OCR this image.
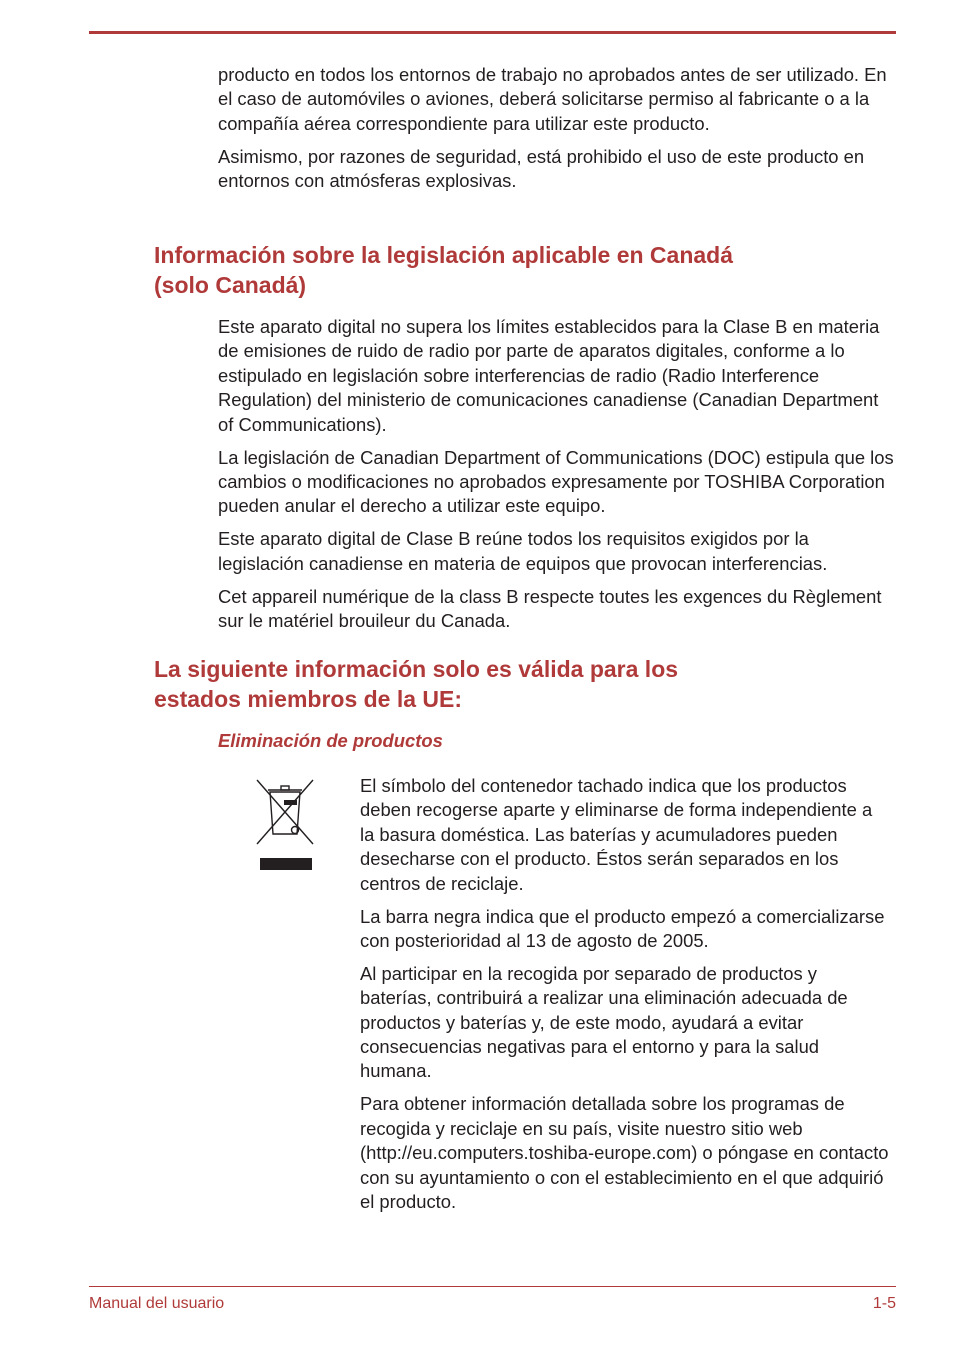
producto en todos los entornos de trabajo no aprobados antes de ser utilizado. En el caso de automóviles o aviones, deberá solicitarse permiso al fabricante o a la compañía aérea correspondiente para utilizar este producto.

Asimismo, por razones de seguridad, está prohibido el uso de este producto en entornos con atmósferas explosivas.

Información sobre la legislación aplicable en Canadá
(solo Canadá)

Este aparato digital no supera los límites establecidos para la Clase B en materia de emisiones de ruido de radio por parte de aparatos digitales, conforme a lo estipulado en legislación sobre interferencias de radio (Radio Interference Regulation) del ministerio de comunicaciones canadiense (Canadian Department of Communications).

La legislación de Canadian Department of Communications (DOC) estipula que los cambios o modificaciones no aprobados expresamente por TOSHIBA Corporation pueden anular el derecho a utilizar este equipo.

Este aparato digital de Clase B reúne todos los requisitos exigidos por la legislación canadiense en materia de equipos que provocan interferencias.

Cet appareil numérique de la class B respecte toutes les exgences du Règlement sur le matériel brouileur du Canada.

La siguiente información solo es válida para los
estados miembros de la UE:
Eliminación de productos

El símbolo del contenedor tachado indica que los productos deben recogerse aparte y eliminarse de forma independiente a la basura doméstica. Las baterías y acumuladores pueden desecharse con el producto. Éstos serán separados en los centros de reciclaje.

La barra negra indica que el producto empezó a comercializarse con posterioridad al 13 de agosto de 2005.

Al participar en la recogida por separado de productos y baterías, contribuirá a realizar una eliminación adecuada de productos y baterías y, de este modo, ayudará a evitar consecuencias negativas para el entorno y para la salud humana.

Para obtener información detallada sobre los programas de recogida y reciclaje en su país, visite nuestro sitio web (http://eu.computers.toshiba-europe.com) o póngase en contacto con su ayuntamiento o con el establecimiento en el que adquirió el producto.

Manual del usuario	1-5
